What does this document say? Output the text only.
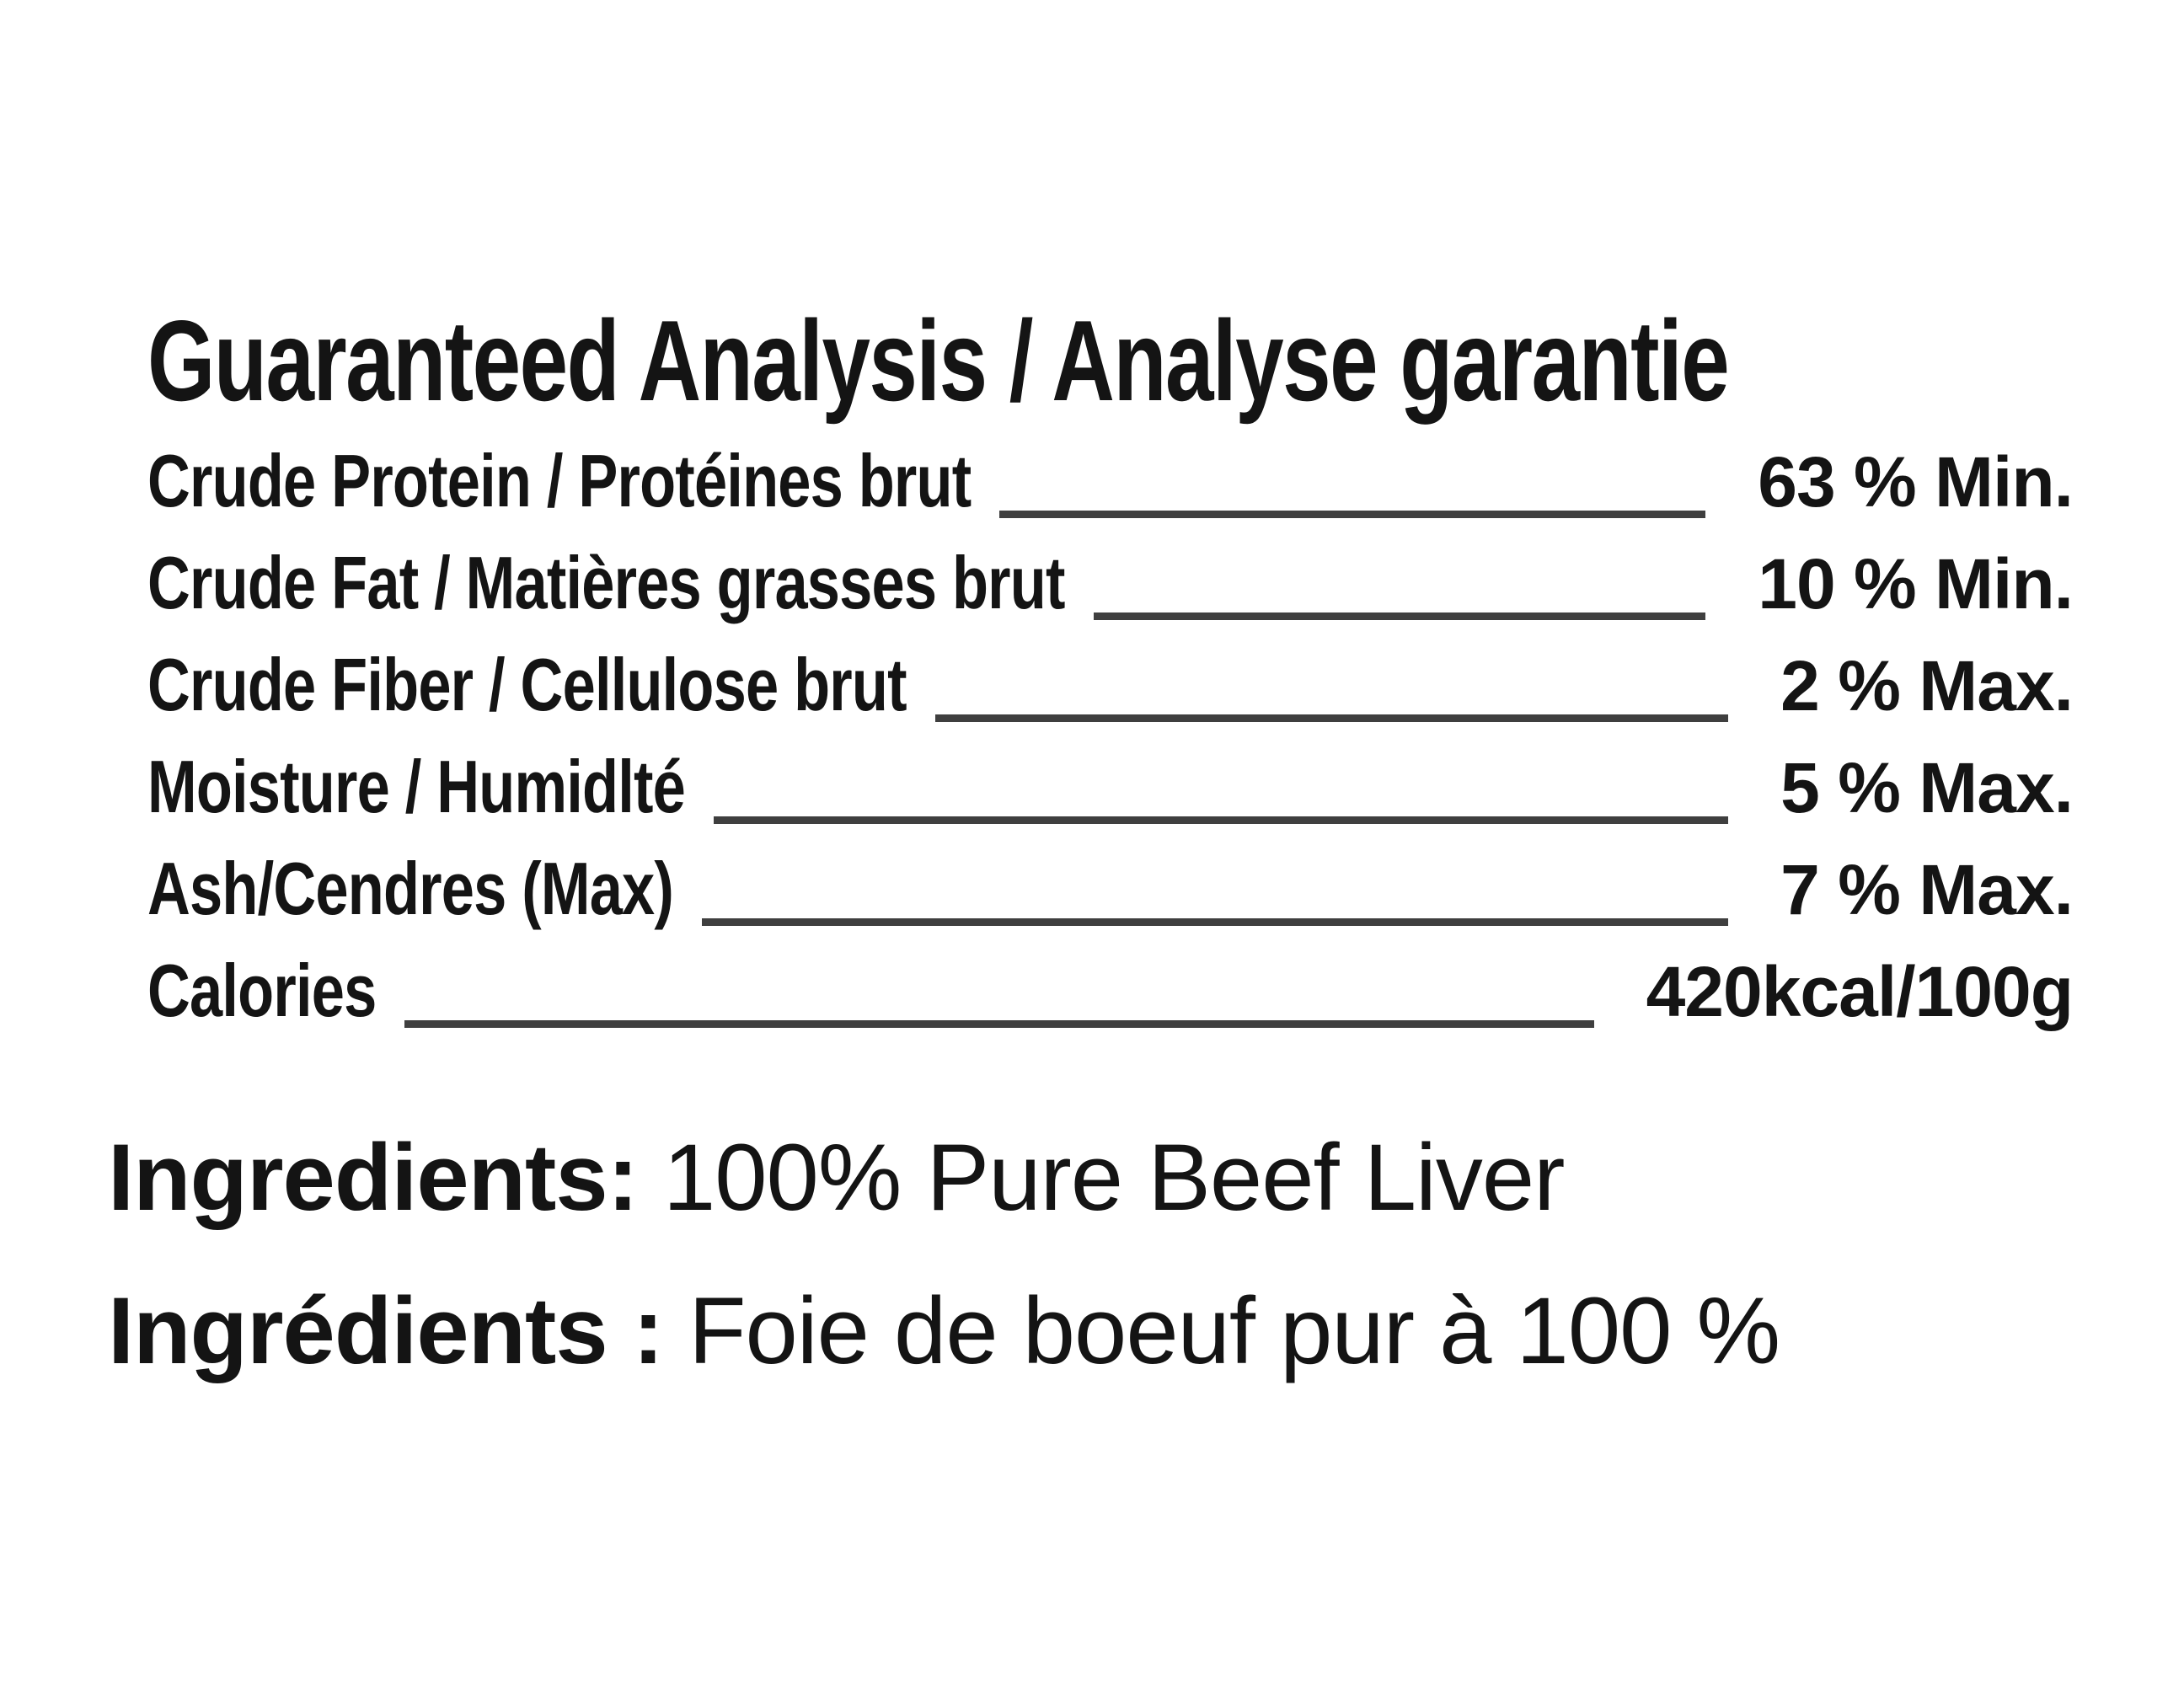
Guaranteed Analysis / Analyse garantie
Crude Protein / Protéines brut	63 % Min.
Crude Fat / Matières grasses brut	10 % Min.
Crude Fiber / Cellulose brut	2 % Max.
Moisture / Humidlté	5 % Max.
Ash/Cendres (Max)	7 % Max.
Calories	420kcal/100g
Ingredients: 100% Pure Beef Liver
Ingrédients : Foie de boeuf pur à 100 %
